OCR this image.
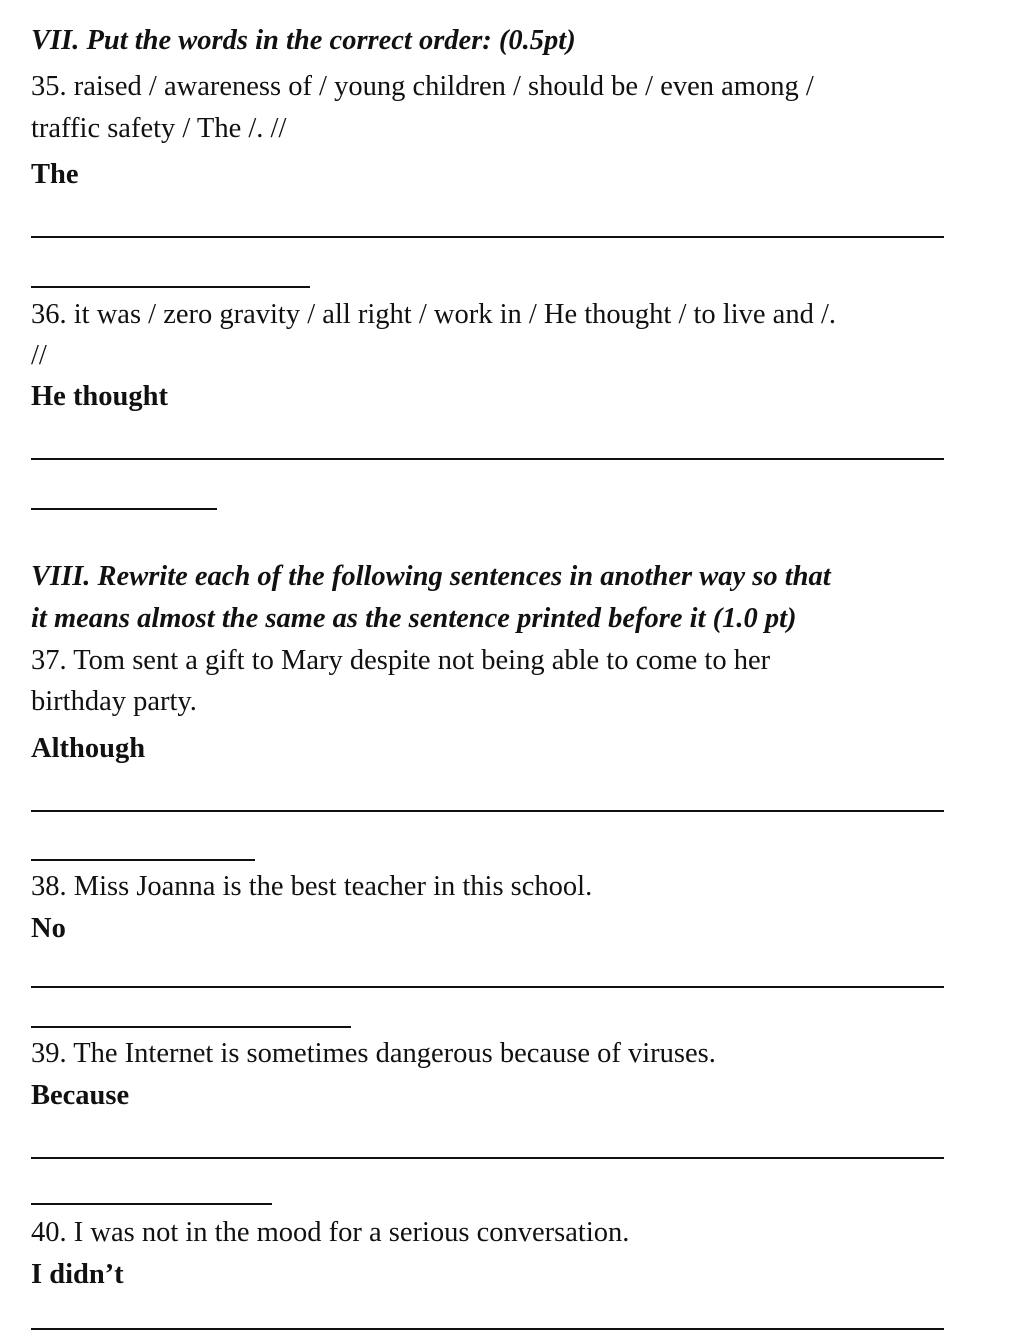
VII. Put the words in the correct order: (0.5pt)

35. raised / awareness of / young children / should be / even among /

traffic safety / The /. //

The

36. it was / zero gravity / all right / work in / He thought / to live and /.

//

He thought

VIII. Rewrite each of the following sentences in another way so that

it means almost the same as the sentence printed before it (1.0 pt)

37. Tom sent a gift to Mary despite not being able to come to her

birthday party.

Although

38. Miss Joanna is the best teacher in this school.

No

39. The Internet is sometimes dangerous because of viruses.

Because

40. I was not in the mood for a serious conversation.

I didn’t
